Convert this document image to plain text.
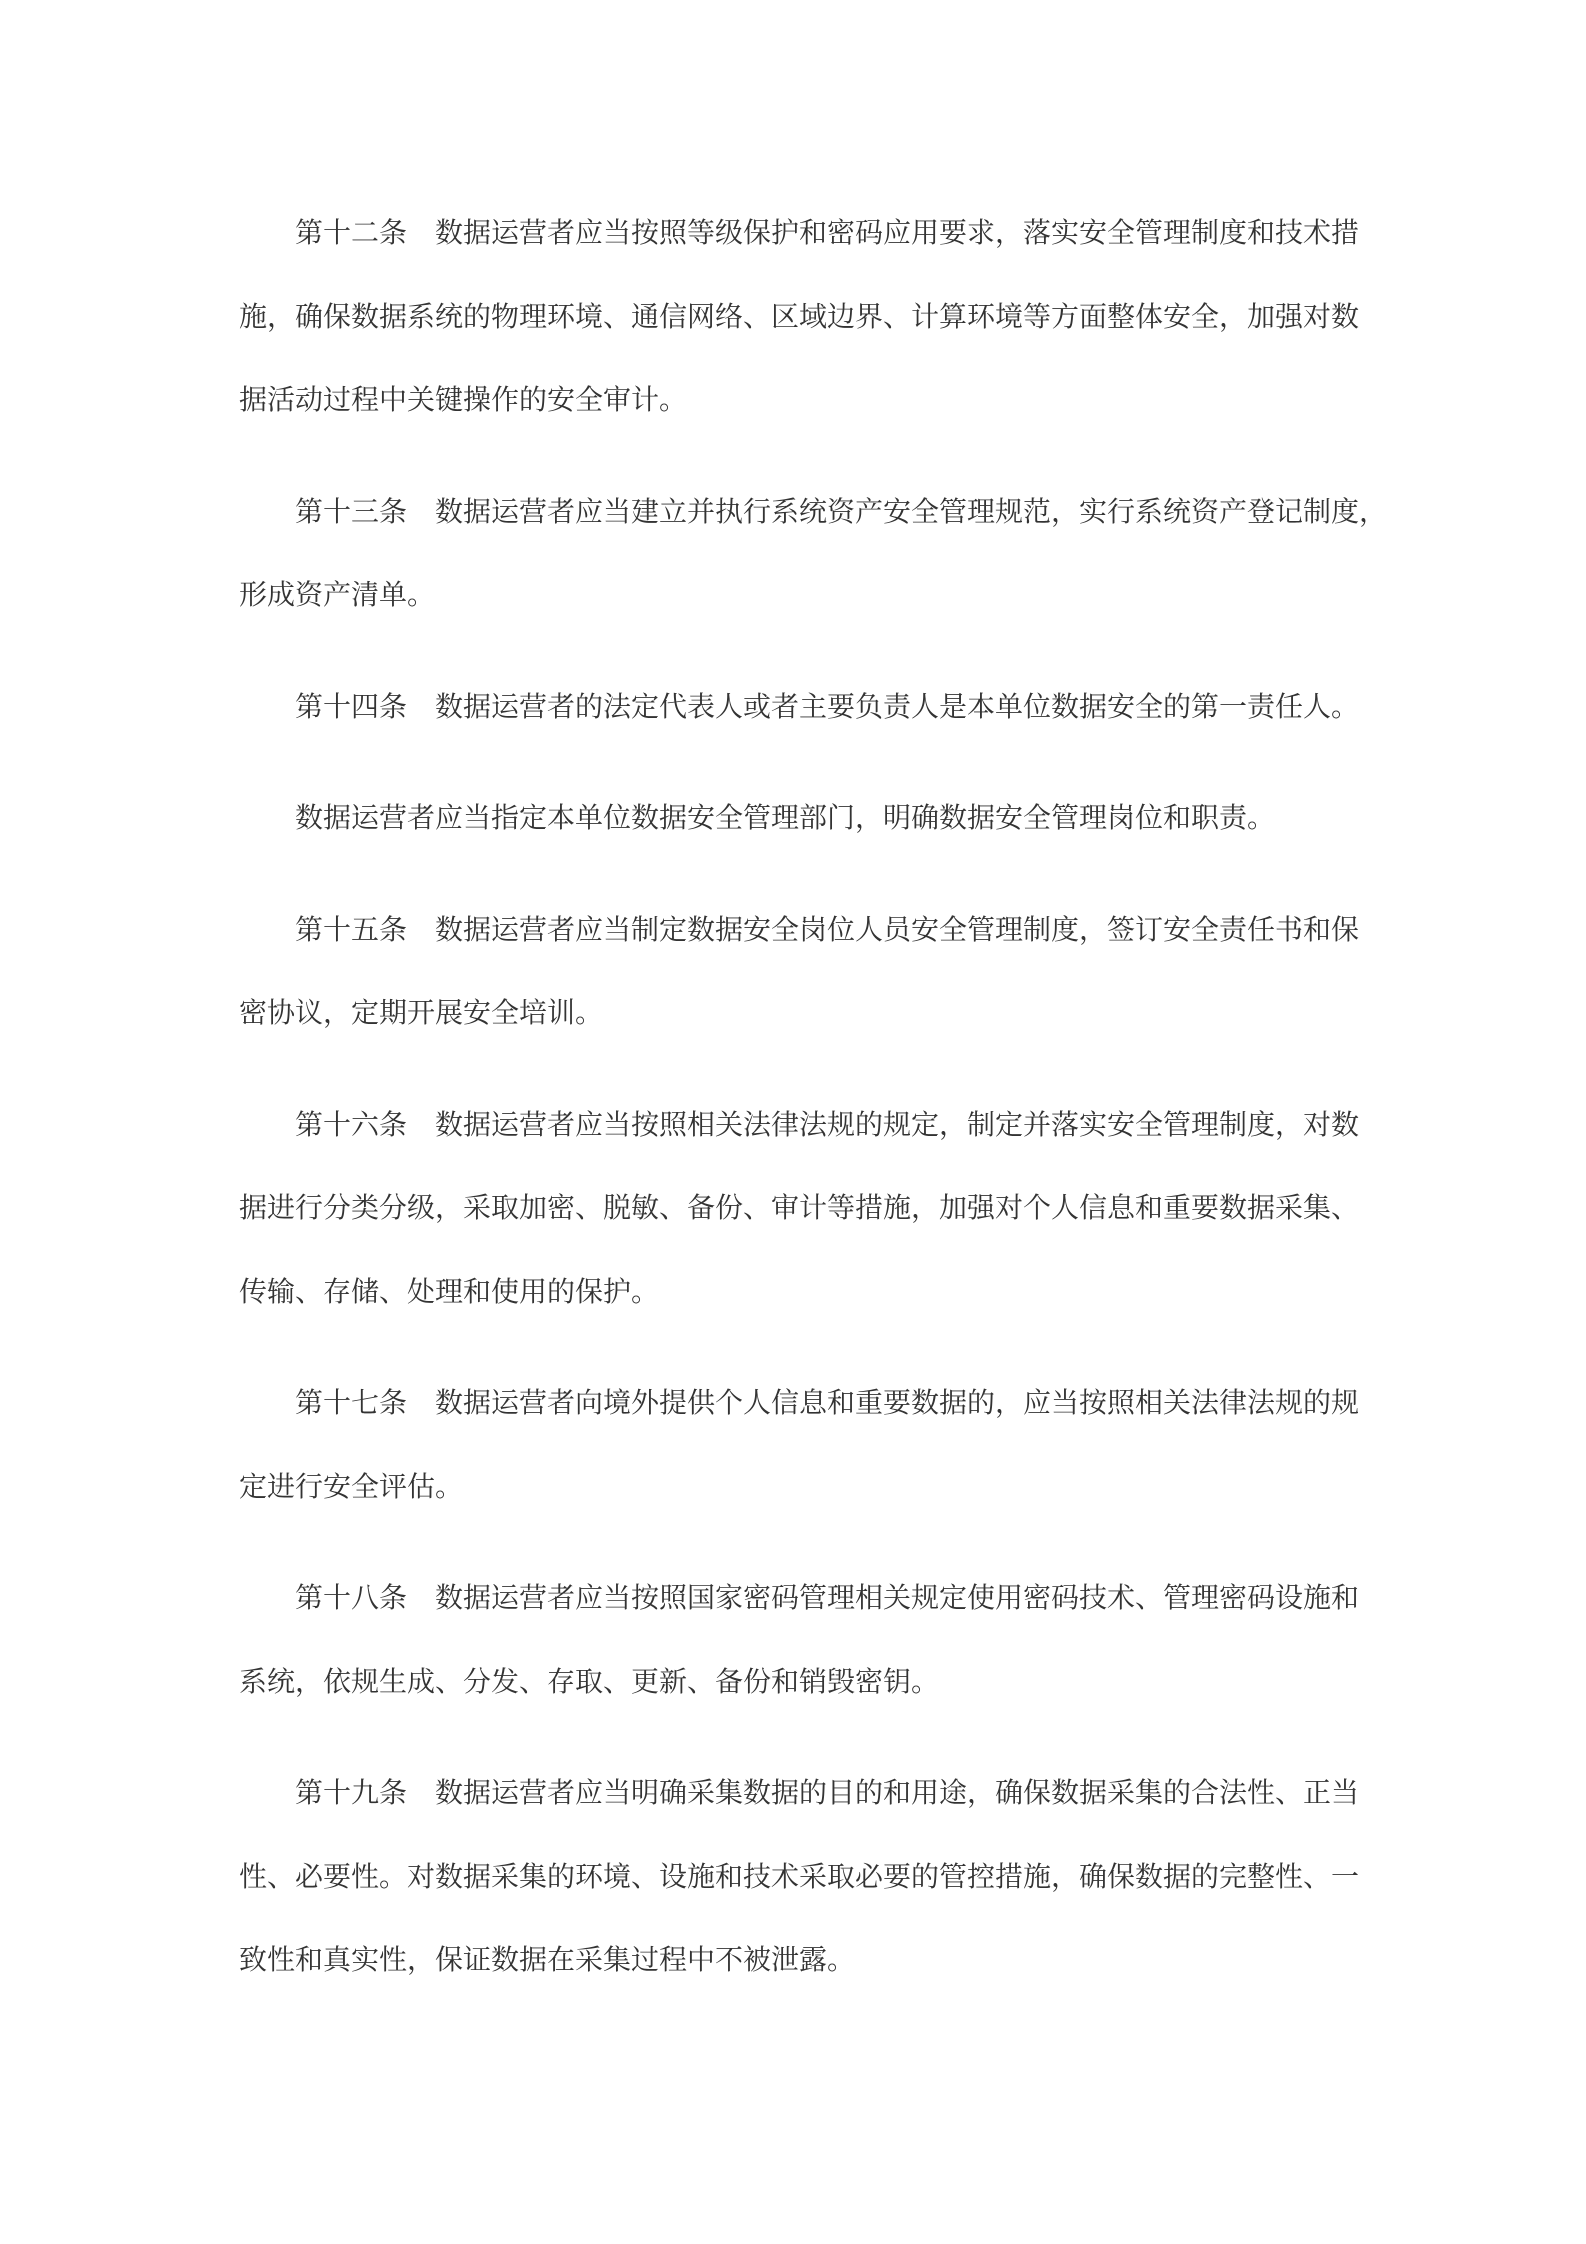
第十二条 数据运营者应当按照等级保护和密码应用要求，落实安全管理制度和技术措
施，确保数据系统的物理环境、通信网络、区域边界、计算环境等方面整体安全，加强对数
据活动过程中关键操作的安全审计。
第十三条 数据运营者应当建立并执行系统资产安全管理规范，实行系统资产登记制度，
形成资产清单。
第十四条 数据运营者的法定代表人或者主要负责人是本单位数据安全的第一责任人。
数据运营者应当指定本单位数据安全管理部门，明确数据安全管理岗位和职责。
第十五条 数据运营者应当制定数据安全岗位人员安全管理制度，签订安全责任书和保
密协议，定期开展安全培训。
第十六条 数据运营者应当按照相关法律法规的规定，制定并落实安全管理制度，对数
据进行分类分级，采取加密、脱敏、备份、审计等措施，加强对个人信息和重要数据采集、
传输、存储、处理和使用的保护。
第十七条 数据运营者向境外提供个人信息和重要数据的，应当按照相关法律法规的规
定进行安全评估。
第十八条 数据运营者应当按照国家密码管理相关规定使用密码技术、管理密码设施和
系统，依规生成、分发、存取、更新、备份和销毁密钥。
第十九条 数据运营者应当明确采集数据的目的和用途，确保数据采集的合法性、正当
性、必要性。对数据采集的环境、设施和技术采取必要的管控措施，确保数据的完整性、一
致性和真实性，保证数据在采集过程中不被泄露。
